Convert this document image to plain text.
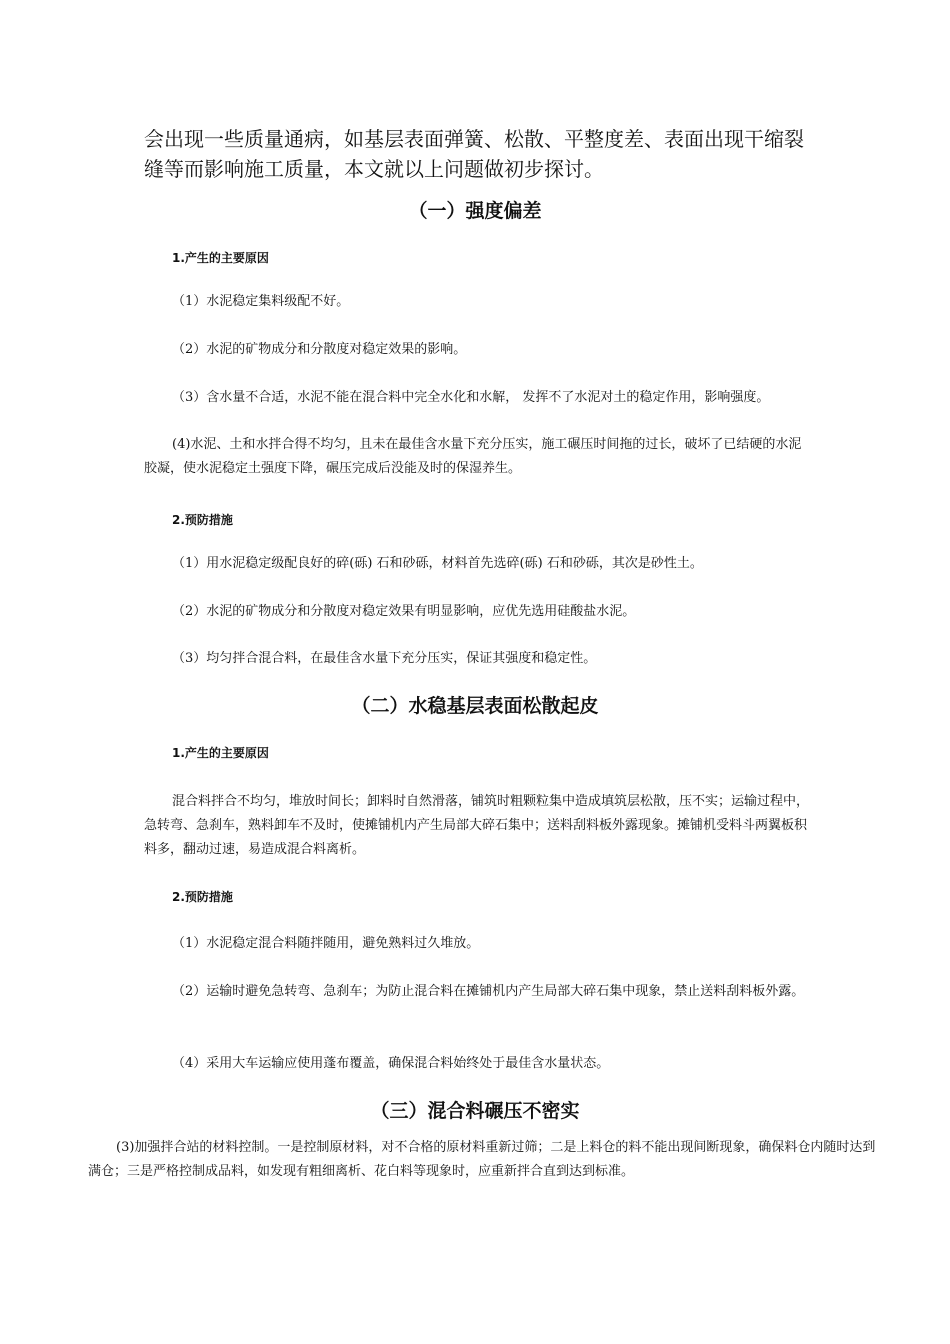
会出现一些质量通病，如基层表面弹簧、松散、平整度差、表面出现干缩裂缝等而影响施工质量，本文就以上问题做初步探讨。

（一）强度偏差
1.产生的主要原因

（1）水泥稳定集料级配不好。

（2）水泥的矿物成分和分散度对稳定效果的影响。

（3）含水量不合适，水泥不能在混合料中完全水化和水解， 发挥不了水泥对土的稳定作用，影响强度。

(4)水泥、土和水拌合得不均匀，且未在最佳含水量下充分压实，施工碾压时间拖的过长，破坏了已结硬的水泥胶凝，使水泥稳定土强度下降，碾压完成后没能及时的保湿养生。

2.预防措施

（1）用水泥稳定级配良好的碎(砾) 石和砂砾，材料首先选碎(砾) 石和砂砾，其次是砂性土。

（2）水泥的矿物成分和分散度对稳定效果有明显影响，应优先选用硅酸盐水泥。

（3）均匀拌合混合料，在最佳含水量下充分压实，保证其强度和稳定性。

（二）水稳基层表面松散起皮
1.产生的主要原因

混合料拌合不均匀，堆放时间长；卸料时自然滑落，铺筑时粗颗粒集中造成填筑层松散，压不实；运输过程中，急转弯、急刹车，熟料卸车不及时，使摊铺机内产生局部大碎石集中；送料刮料板外露现象。摊铺机受料斗两翼板积料多，翻动过速，易造成混合料离析。

2.预防措施

（1）水泥稳定混合料随拌随用，避免熟料过久堆放。

（2）运输时避免急转弯、急刹车；为防止混合料在摊铺机内产生局部大碎石集中现象，禁止送料刮料板外露。

（4）采用大车运输应使用蓬布覆盖，确保混合料始终处于最佳含水量状态。

（三）混合料碾压不密实

(3)加强拌合站的材料控制。一是控制原材料，对不合格的原材料重新过筛；二是上料仓的料不能出现间断现象，确保料仓内随时达到满仓；三是严格控制成品料，如发现有粗细离析、花白料等现象时，应重新拌合直到达到标准。
